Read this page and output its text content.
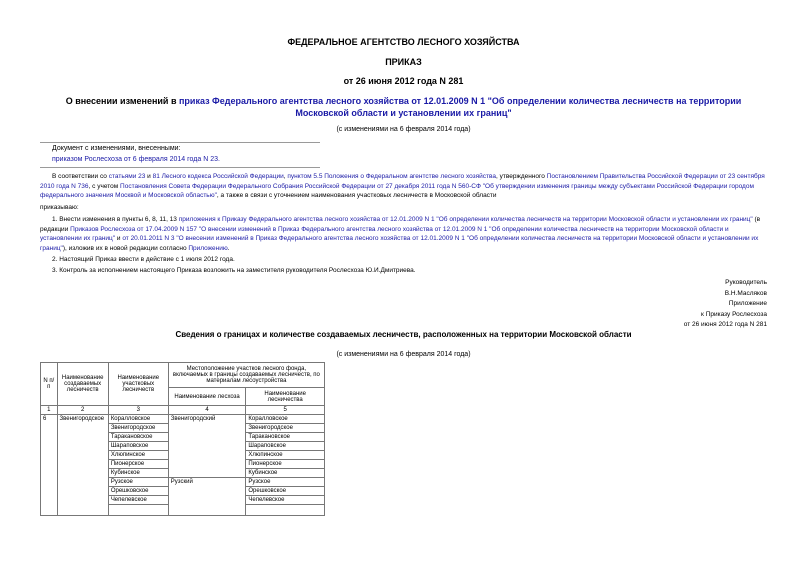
ФЕДЕРАЛЬНОЕ АГЕНТСТВО ЛЕСНОГО ХОЗЯЙСТВА
ПРИКАЗ
от 26 июня 2012 года N 281
О внесении изменений в приказ Федерального агентства лесного хозяйства от 12.01.2009 N 1 "Об определении количества лесничеств на территории Московской области и установлении их границ"
(с изменениями на 6 февраля 2014 года)
Документ с изменениями, внесенными:
приказом Рослесхоза от 6 февраля 2014 года N 23.
В соответствии со статьями 23 и 81 Лесного кодекса Российской Федерации, пунктом 5.5 Положения о Федеральном агентстве лесного хозяйства, утвержденного Постановлением Правительства Российской Федерации от 23 сентября 2010 года N 736, с учетом Постановления Совета Федерации Федерального Собрания Российской Федерации от 27 декабря 2011 года N 560-СФ "Об утверждении изменения границы между субъектами Российской Федерации городом федерального значения Москвой и Московской областью", а также в связи с уточнением наименования участковых лесничеств в Московской области
приказываю:
1. Внести изменения в пункты 6, 8, 11, 13 приложения к Приказу Федерального агентства лесного хозяйства от 12.01.2009 N 1 "Об определении количества лесничеств на территории Московской области и установлении их границ" (в редакции Приказов Рослесхоза от 17.04.2009 N 157 "О внесении изменений в Приказ Федерального агентства лесного хозяйства от 12.01.2009 N 1 "Об определении количества лесничеств на территории Московской области и установлении их границ" и от 20.01.2011 N 3 "О внесении изменений в Приказ Федерального агентства лесного хозяйства от 12.01.2009 N 1 "Об определении количества лесничеств на территории Московской области и установлении их границ"), изложив их в новой редакции согласно Приложению.
2. Настоящий Приказ ввести в действие с 1 июля 2012 года.
3. Контроль за исполнением настоящего Приказа возложить на заместителя руководителя Рослесхоза Ю.И.Дмитриева.
Руководитель
В.Н.Масляков
Приложение
к Приказу Рослесхоза
от 26 июня 2012 года N 281
Сведения о границах и количестве создаваемых лесничеств, расположенных на территории Московской области
(с изменениями на 6 февраля 2014 года)
N п/п	Наименование создаваемых лесничеств	Наименование участковых лесничеств	Местоположение участков лесного фонда, включаемых в границы создаваемых лесничеств, по материалам лесоустройства	
			Наименование лесхоза	Наименование лесничества
1	2	3	4	5
6	Звенигородское	Коралловское	Звенигородский	Коралловское
		Звенигородское		Звенигородское
		Таракановское		Таракановское
		Шараповское		Шараповское
		Хлюпинское		Хлюпинское
		Пионерское		Пионерское
		Кубинское		Кубинское
		Рузское	Рузский	Рузское
		Орешковское		Орешковское
		Чепелевское		Чепелевское
